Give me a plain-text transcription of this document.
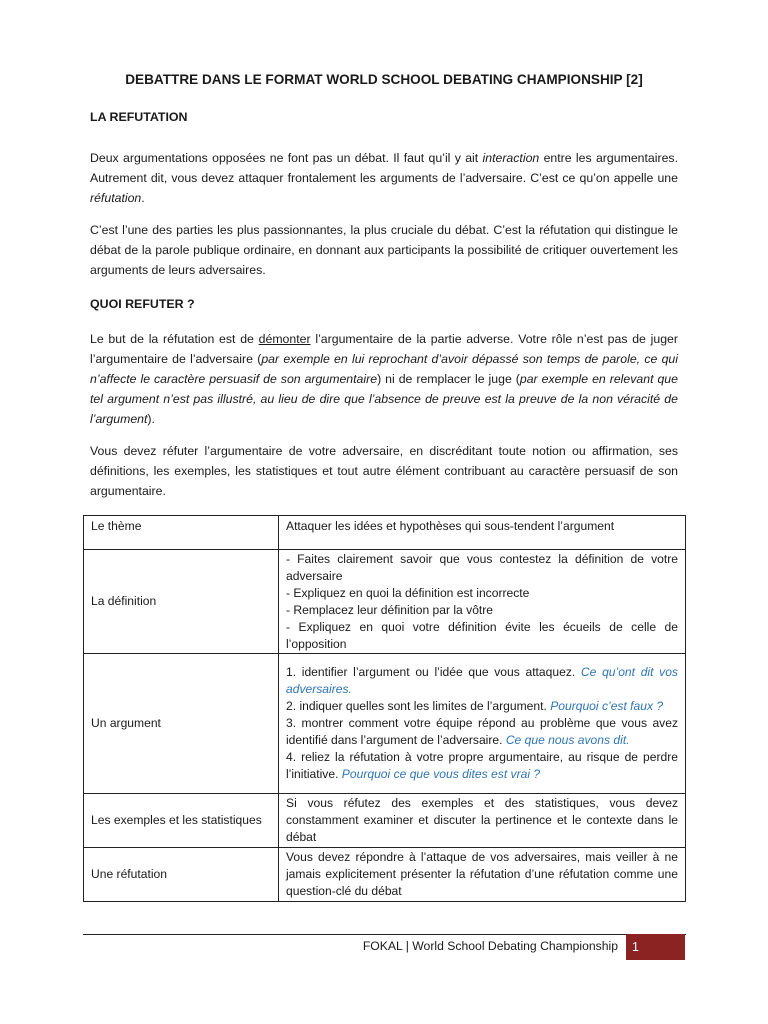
DEBATTRE DANS LE FORMAT WORLD SCHOOL DEBATING CHAMPIONSHIP [2]
LA REFUTATION

Deux argumentations opposées ne font pas un débat. Il faut qu’il y ait interaction entre les argumentaires. Autrement dit, vous devez attaquer frontalement les arguments de l’adversaire. C’est ce qu’on appelle une réfutation.

C’est l’une des parties les plus passionnantes, la plus cruciale du débat. C’est la réfutation qui distingue le débat de la parole publique ordinaire, en donnant aux participants la possibilité de critiquer ouvertement les arguments de leurs adversaires.

QUOI REFUTER ?

Le but de la réfutation est de démonter l’argumentaire de la partie adverse. Votre rôle n’est pas de juger l’argumentaire de l’adversaire (par exemple en lui reprochant d’avoir dépassé son temps de parole, ce qui n’affecte le caractère persuasif de son argumentaire) ni de remplacer le juge (par exemple en relevant que tel argument n’est pas illustré, au lieu de dire que l’absence de preuve est la preuve de la non véracité de l’argument).

Vous devez réfuter l’argumentaire de votre adversaire, en discréditant toute notion ou affirmation, ses définitions, les exemples, les statistiques et tout autre élément contribuant au caractère persuasif de son argumentaire.

Le thème	Attaquer les idées et hypothèses qui sous-tendent l’argument

La définition	- Faites clairement savoir que vous contestez la définition de votre adversaire
- Expliquez en quoi la définition est incorrecte
- Remplacez leur définition par la vôtre
- Expliquez en quoi votre définition évite les écueils de celle de l’opposition

Un argument	1. identifier l’argument ou l’idée que vous attaquez. Ce qu’ont dit vos adversaires.
2. indiquer quelles sont les limites de l’argument. Pourquoi c’est faux ?
3. montrer comment votre équipe répond au problème que vous avez identifié dans l’argument de l’adversaire. Ce que nous avons dit.
4. reliez la réfutation à votre propre argumentaire, au risque de perdre l’initiative. Pourquoi ce que vous dites est vrai ?

Les exemples et les statistiques	Si vous réfutez des exemples et des statistiques, vous devez constamment examiner et discuter la pertinence et le contexte dans le débat
Une réfutation	Vous devez répondre à l’attaque de vos adversaires, mais veiller à ne jamais explicitement présenter la réfutation d’une réfutation comme une question-clé du débat
FOKAL | World School Debating Championship	1
